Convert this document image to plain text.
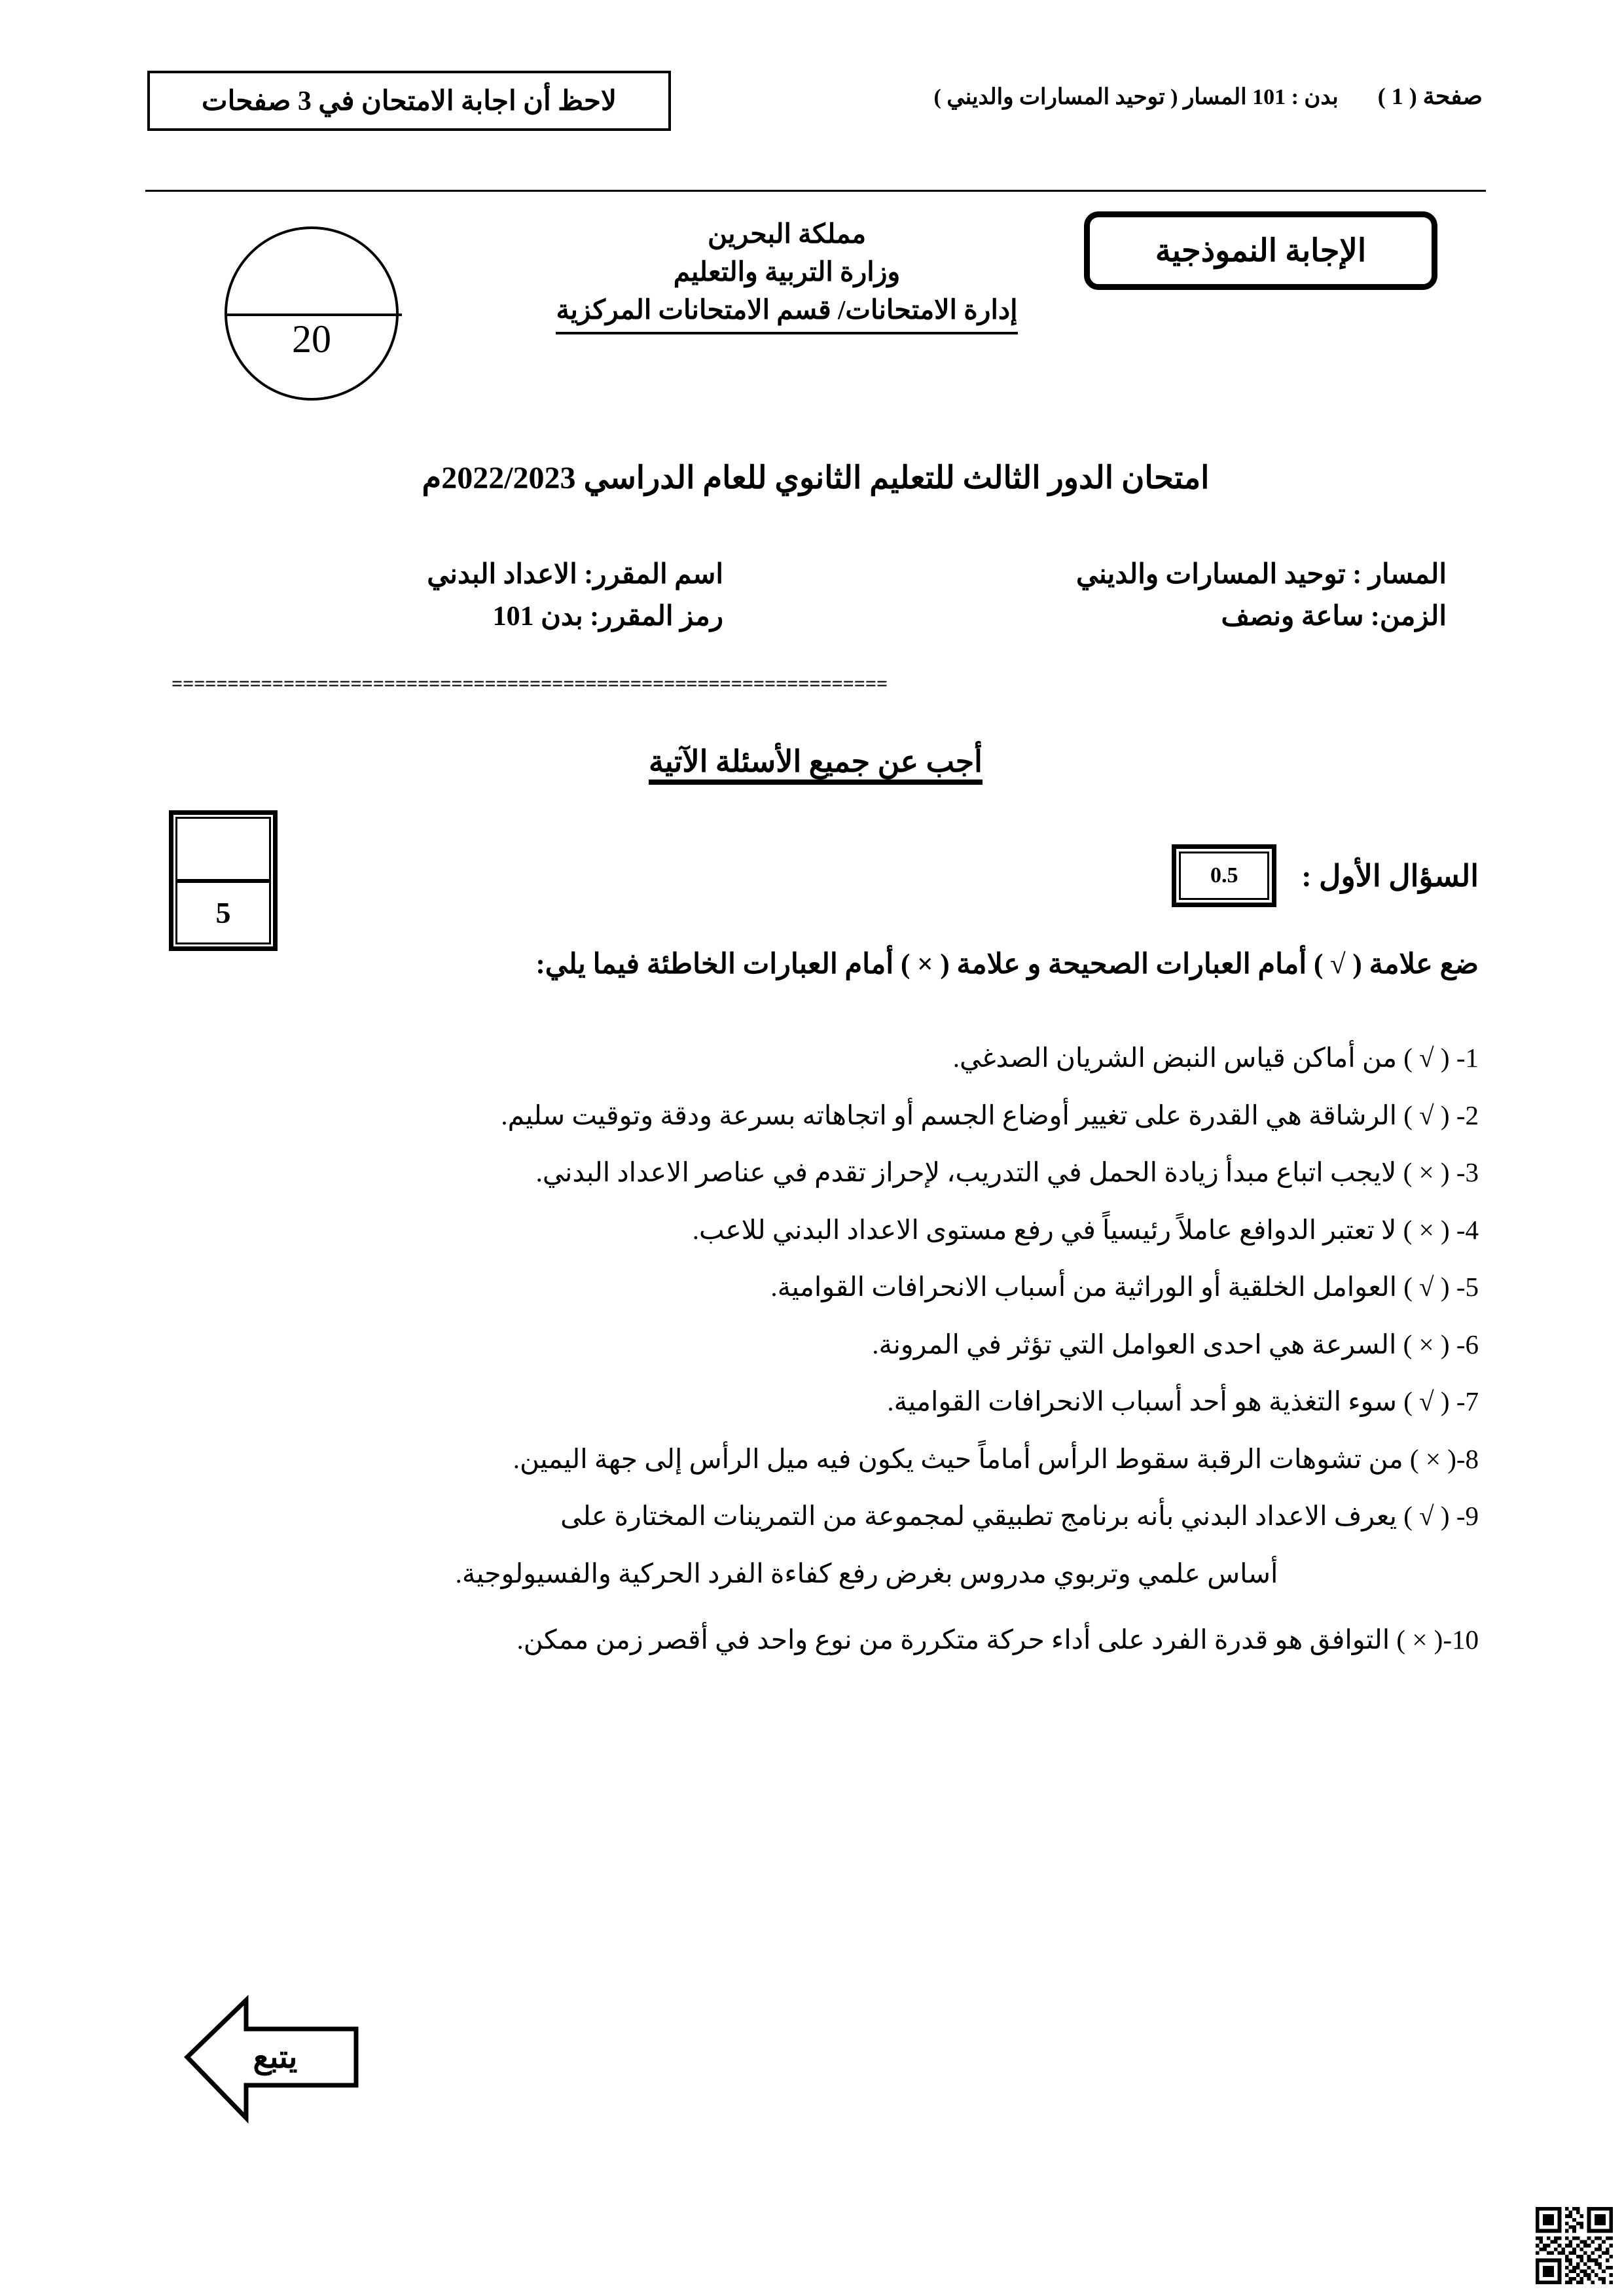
لاحظ أن اجابة الامتحان في 3 صفحات	صفحة ( 1 )
بدن : 101 المسار ( توحيد المسارات والديني )
الإجابة النموذجية
مملكة البحرين
وزارة التربية والتعليم
إدارة الامتحانات/ قسم الامتحانات المركزية
20
امتحان الدور الثالث للتعليم الثانوي للعام الدراسي 2022/2023م
المسار : توحيد المسارات والديني
اسم المقرر: الاعداد البدني
الزمن: ساعة ونصف
رمز المقرر: بدن 101
================================================================
أجب عن جميع الأسئلة الآتية
السؤال الأول :
0.5
5
ضع علامة ( √ ) أمام العبارات الصحيحة و علامة ( × ) أمام العبارات الخاطئة فيما يلي:
1- ( √ ) من أماكن قياس النبض الشريان الصدغي.
2- ( √ ) الرشاقة هي القدرة على تغيير أوضاع الجسم أو اتجاهاته بسرعة ودقة وتوقيت سليم.
3- ( × ) لايجب اتباع مبدأ زيادة الحمل في التدريب، لإحراز تقدم في عناصر الاعداد البدني.
4- ( × ) لا تعتبر الدوافع عاملاً رئيسياً في رفع مستوى الاعداد البدني للاعب.
5- ( √ ) العوامل الخلقية أو الوراثية من أسباب الانحرافات القوامية.
6- ( × ) السرعة هي احدى العوامل التي تؤثر في المرونة.
7- ( √ ) سوء التغذية هو أحد أسباب الانحرافات القوامية.
8-( × ) من تشوهات الرقبة سقوط الرأس أماماً حيث يكون فيه ميل الرأس إلى جهة اليمين.
9- ( √ ) يعرف الاعداد البدني بأنه برنامج تطبيقي لمجموعة من التمرينات المختارة على
أساس علمي وتربوي مدروس بغرض رفع كفاءة الفرد الحركية والفسيولوجية.
10-( × ) التوافق هو قدرة الفرد على أداء حركة متكررة من نوع واحد في أقصر زمن ممكن.
يتبع
